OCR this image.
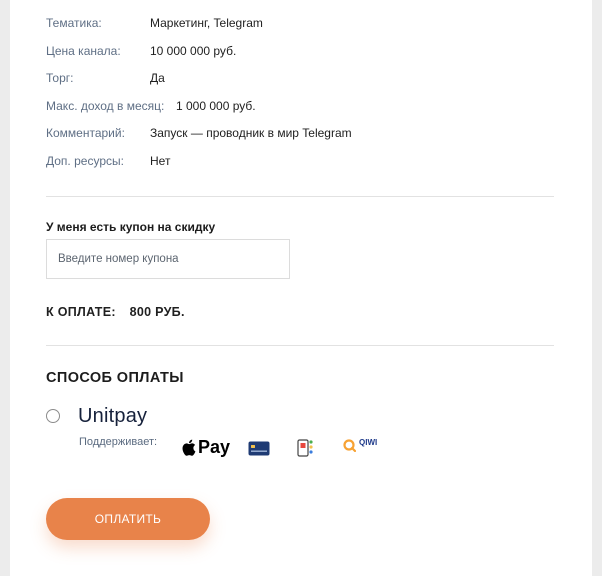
Тематика:	Маркетинг, Telegram
Цена канала: 10 000 000 руб.
Торг:	Да
Макс. доход в месяц: 1 000 000 руб.
Комментарий: Запуск — проводник в мир Telegram
Доп. ресурсы: Нет
У меня есть купон на скидку
Введите номер купона
К ОПЛАТЕ: 800 РУБ.
СПОСОБ ОПЛАТЫ
Unitpay
Поддерживает: Pay	QIWI

ОПЛАТИТЬ
